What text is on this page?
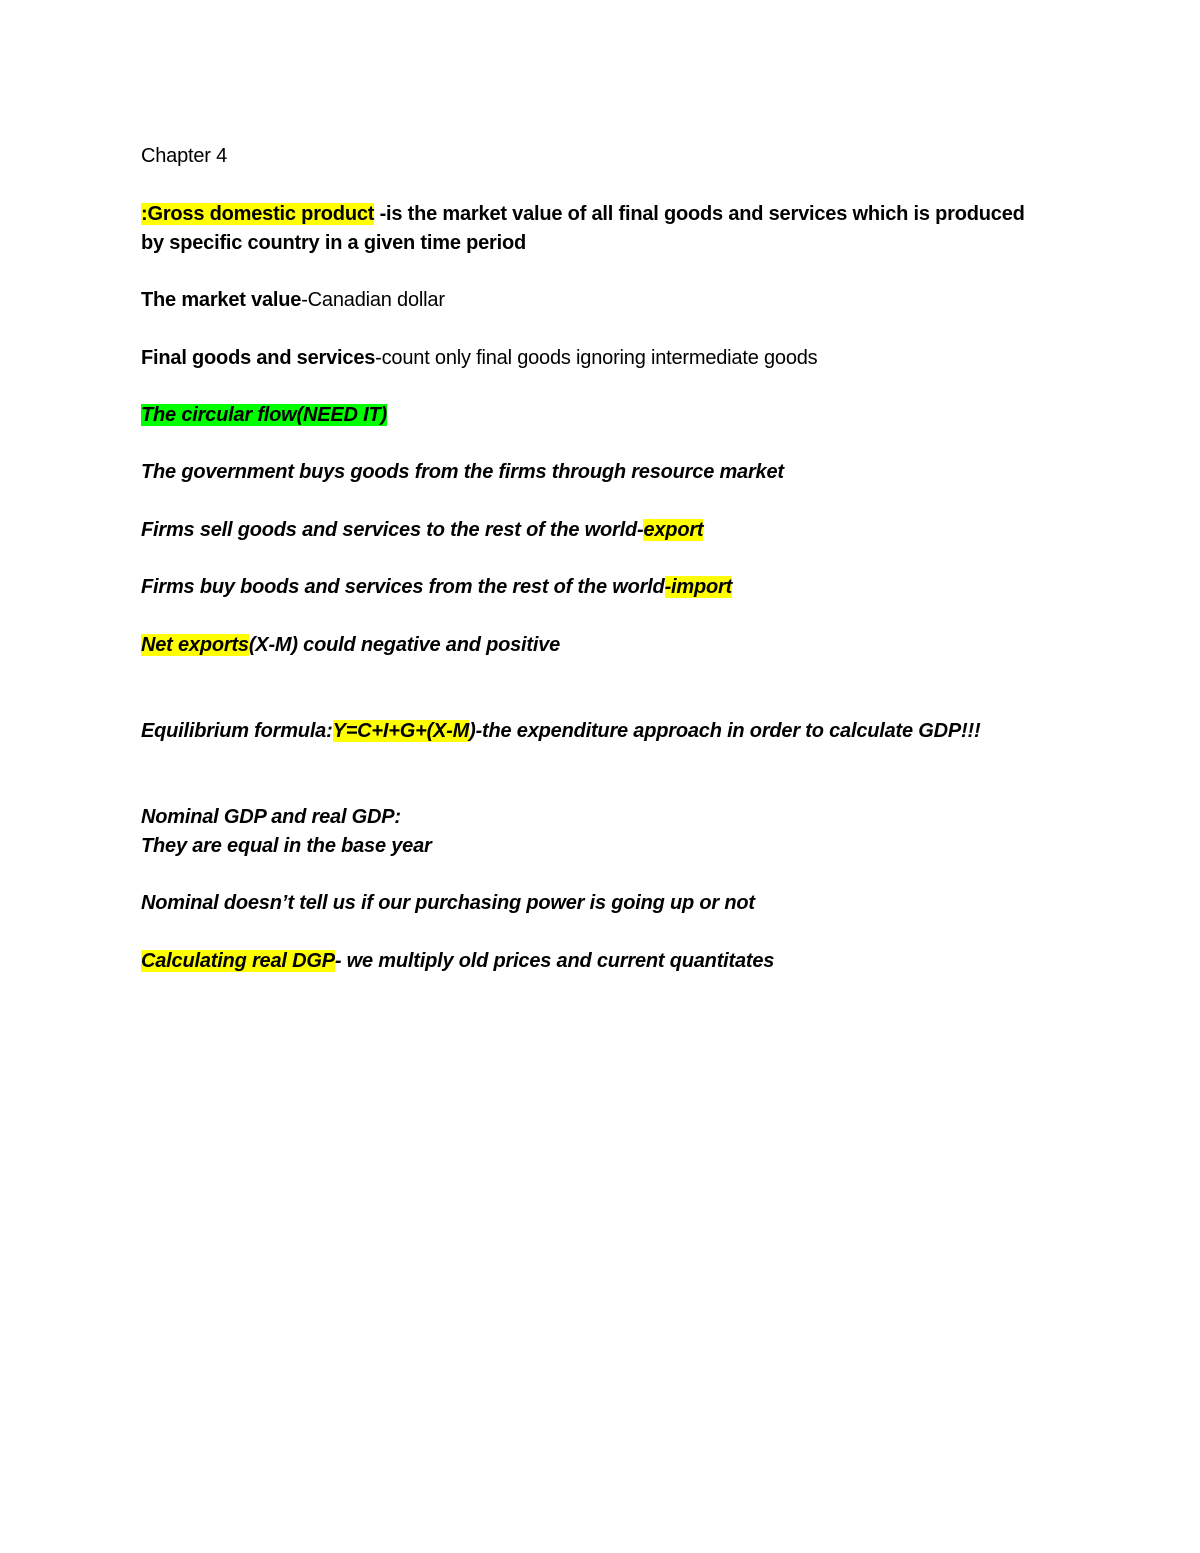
Chapter 4
:Gross domestic product -is the market value of all final goods and services which is produced
by specific country in a given time period
The market value-Canadian dollar
Final goods and services-count only final goods ignoring intermediate goods
The circular flow(NEED IT)
The government buys goods from the firms through resource market
Firms sell goods and services to the rest of the world-export
Firms buy boods and services from the rest of the world-import
Net exports(X-M) could negative and positive
Equilibrium formula:Y=C+I+G+(X-M)-the expenditure approach in order to calculate GDP!!!
Nominal GDP and real GDP:
They are equal in the base year
Nominal doesn’t tell us if our purchasing power is going up or not
Calculating real DGP- we multiply old prices and current quantitates
